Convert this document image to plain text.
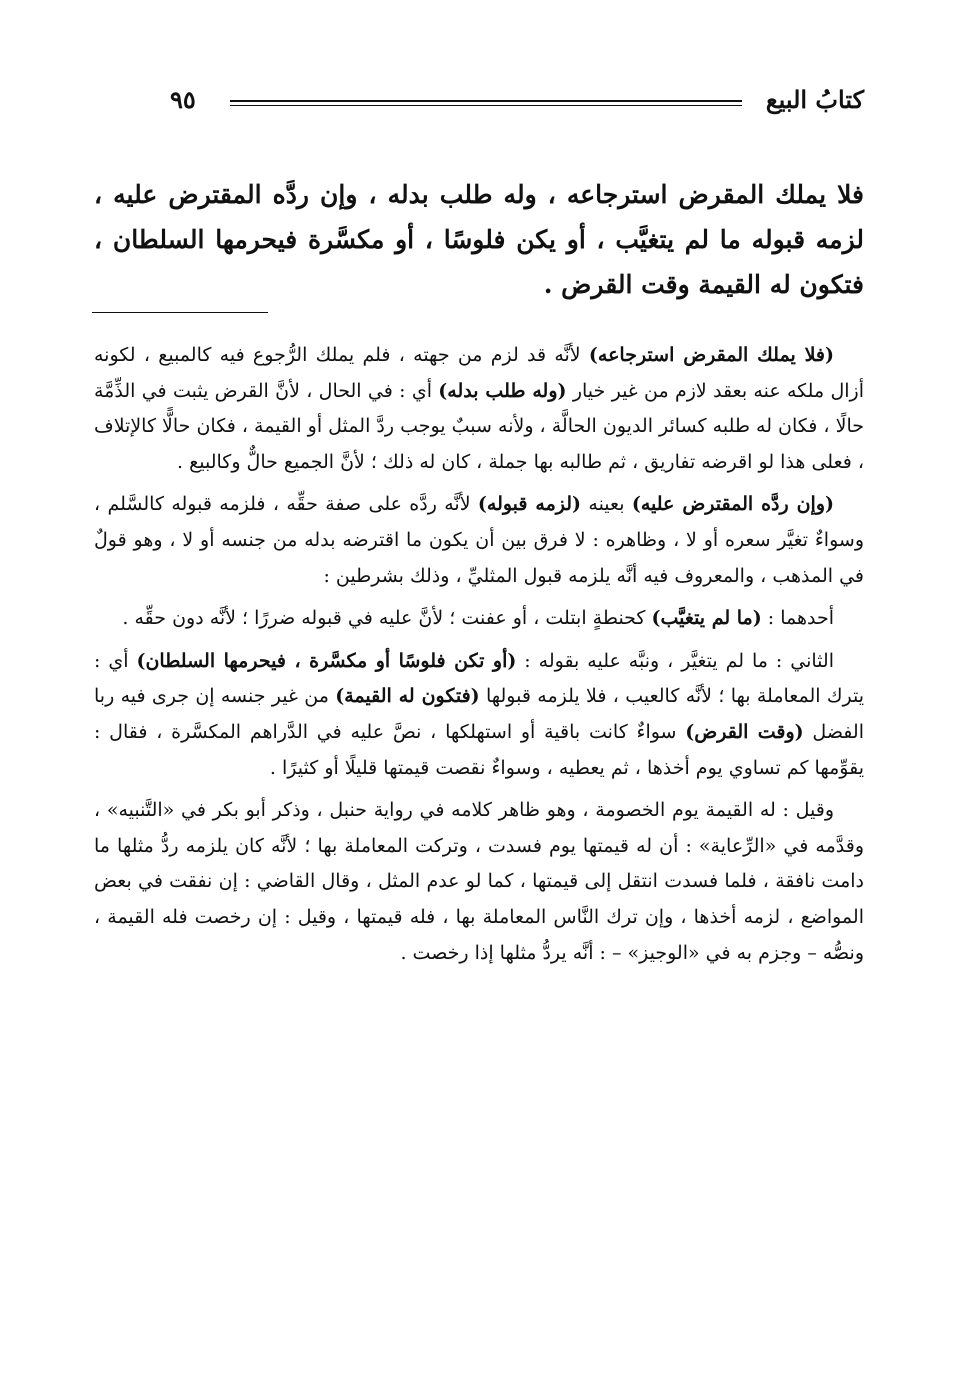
كتابُ البيع
٩٥
فلا يملك المقرض استرجاعه ، وله طلب بدله ، وإن ردَّه المقترض عليه ، لزمه قبوله ما لم يتغيَّب ، أو يكن فلوسًا ، أو مكسَّرة فيحرمها السلطان ، فتكون له القيمة وقت القرض .

(فلا يملك المقرض استرجاعه) لأنَّه قد لزم من جهته ، فلم يملك الرُّجوع فيه كالمبيع ، لكونه أزال ملكه عنه بعقد لازم من غير خيار (وله طلب بدله) أي : في الحال ، لأنَّ القرض يثبت في الذِّمَّة حالًا ، فكان له طلبه كسائر الديون الحالَّة ، ولأنه سببٌ يوجب ردَّ المثل أو القيمة ، فكان حالًّا كالإتلاف ، فعلى هذا لو اقرضه تفاريق ، ثم طالبه بها جملة ، كان له ذلك ؛ لأنَّ الجميع حالٌّ وكالبيع .

(وإن ردَّه المقترض عليه) بعينه (لزمه قبوله) لأنَّه ردَّه على صفة حقِّه ، فلزمه قبوله كالسَّلم ، وسواءٌ تغيَّر سعره أو لا ، وظاهره : لا فرق بين أن يكون ما اقترضه بدله من جنسه أو لا ، وهو قولٌ في المذهب ، والمعروف فيه أنَّه يلزمه قبول المثليِّ ، وذلك بشرطين :

أحدهما : (ما لم يتغيَّب) كحنطةٍ ابتلت ، أو عفنت ؛ لأنَّ عليه في قبوله ضررًا ؛ لأنَّه دون حقِّه .

الثاني : ما لم يتغيَّر ، ونبَّه عليه بقوله : (أو تكن فلوسًا أو مكسَّرة ، فيحرمها السلطان) أي : يترك المعاملة بها ؛ لأنَّه كالعيب ، فلا يلزمه قبولها (فتكون له القيمة) من غير جنسه إن جرى فيه ربا الفضل (وقت القرض) سواءٌ كانت باقية أو استهلكها ، نصَّ عليه في الدَّراهم المكسَّرة ، فقال : يقوِّمها كم تساوي يوم أخذها ، ثم يعطيه ، وسواءٌ نقصت قيمتها قليلًا أو كثيرًا .

وقيل : له القيمة يوم الخصومة ، وهو ظاهر كلامه في رواية حنبل ، وذكر أبو بكر في «التَّنبيه» ، وقدَّمه في «الرِّعاية» : أن له قيمتها يوم فسدت ، وتركت المعاملة بها ؛ لأنَّه كان يلزمه ردُّ مثلها ما دامت نافقة ، فلما فسدت انتقل إلى قيمتها ، كما لو عدم المثل ، وقال القاضي : إن نفقت في بعض المواضع ، لزمه أخذها ، وإن ترك النَّاس المعاملة بها ، فله قيمتها ، وقيل : إن رخصت فله القيمة ، ونصُّه – وجزم به في «الوجيز» – : أنَّه يردُّ مثلها إذا رخصت .
